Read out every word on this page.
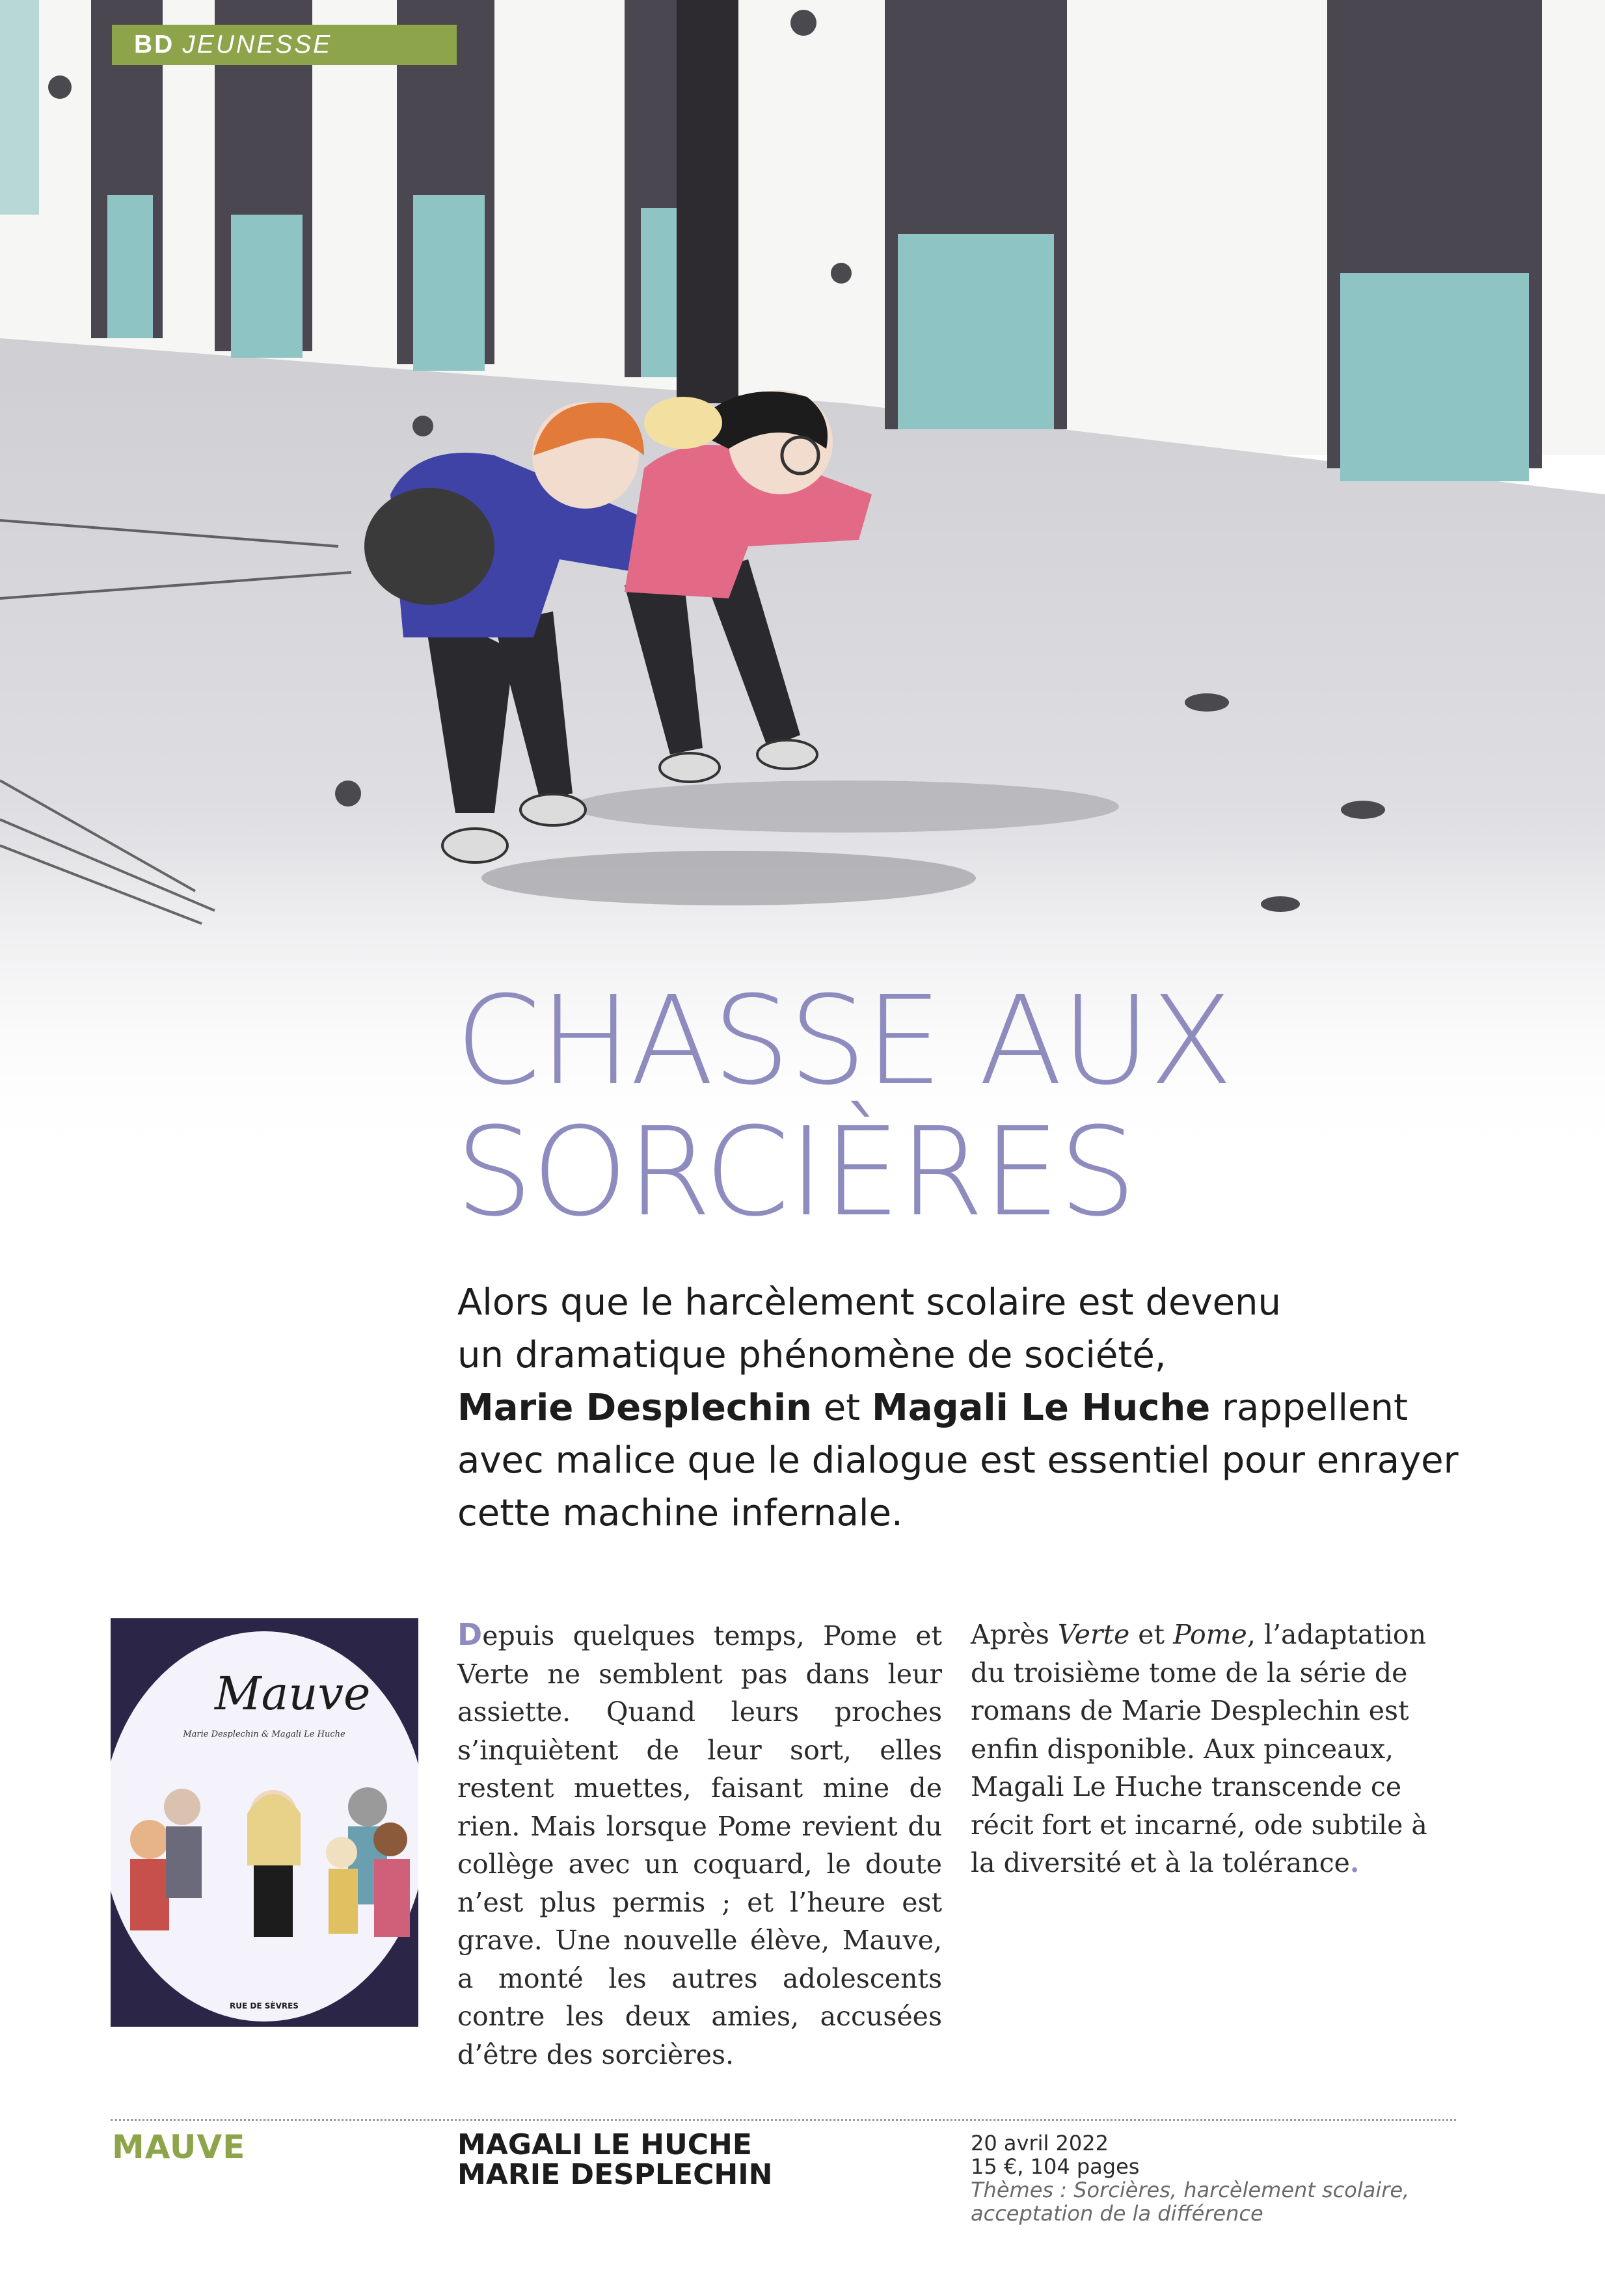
BD JEUNESSE
CHASSE AUX
SORCIÈRES
Alors que le harcèlement scolaire est devenu
un dramatique phénomène de société,
Marie Desplechin et Magali Le Huche rappellent
avec malice que le dialogue est essentiel pour enrayer
cette machine infernale.
Mauve
Marie Desplechin & Magali Le Huche
RUE DE SÈVRES

Depuis quelques temps, Pome et Verte ne semblent pas dans leur assiette. Quand leurs proches s’inquiètent de leur sort, elles restent muettes, faisant mine de rien. Mais lorsque Pome revient du collège avec un coquard, le doute n’est plus permis ; et l’heure est grave. Une nouvelle élève, Mauve, a monté les autres adolescents contre les deux amies, accusées d’être des sorcières.

Après Verte et Pome, l’adaptation du troisième tome de la série de romans de Marie Desplechin est enfin disponible. Aux pinceaux, Magali Le Huche transcende ce récit fort et incarné, ode subtile à la diversité et à la tolérance.

MAUVE	MAGALI LE HUCHE
MARIE DESPLECHIN
20 avril 2022
15 €, 104 pages
Thèmes : Sorcières, harcèlement scolaire,
acceptation de la différence
